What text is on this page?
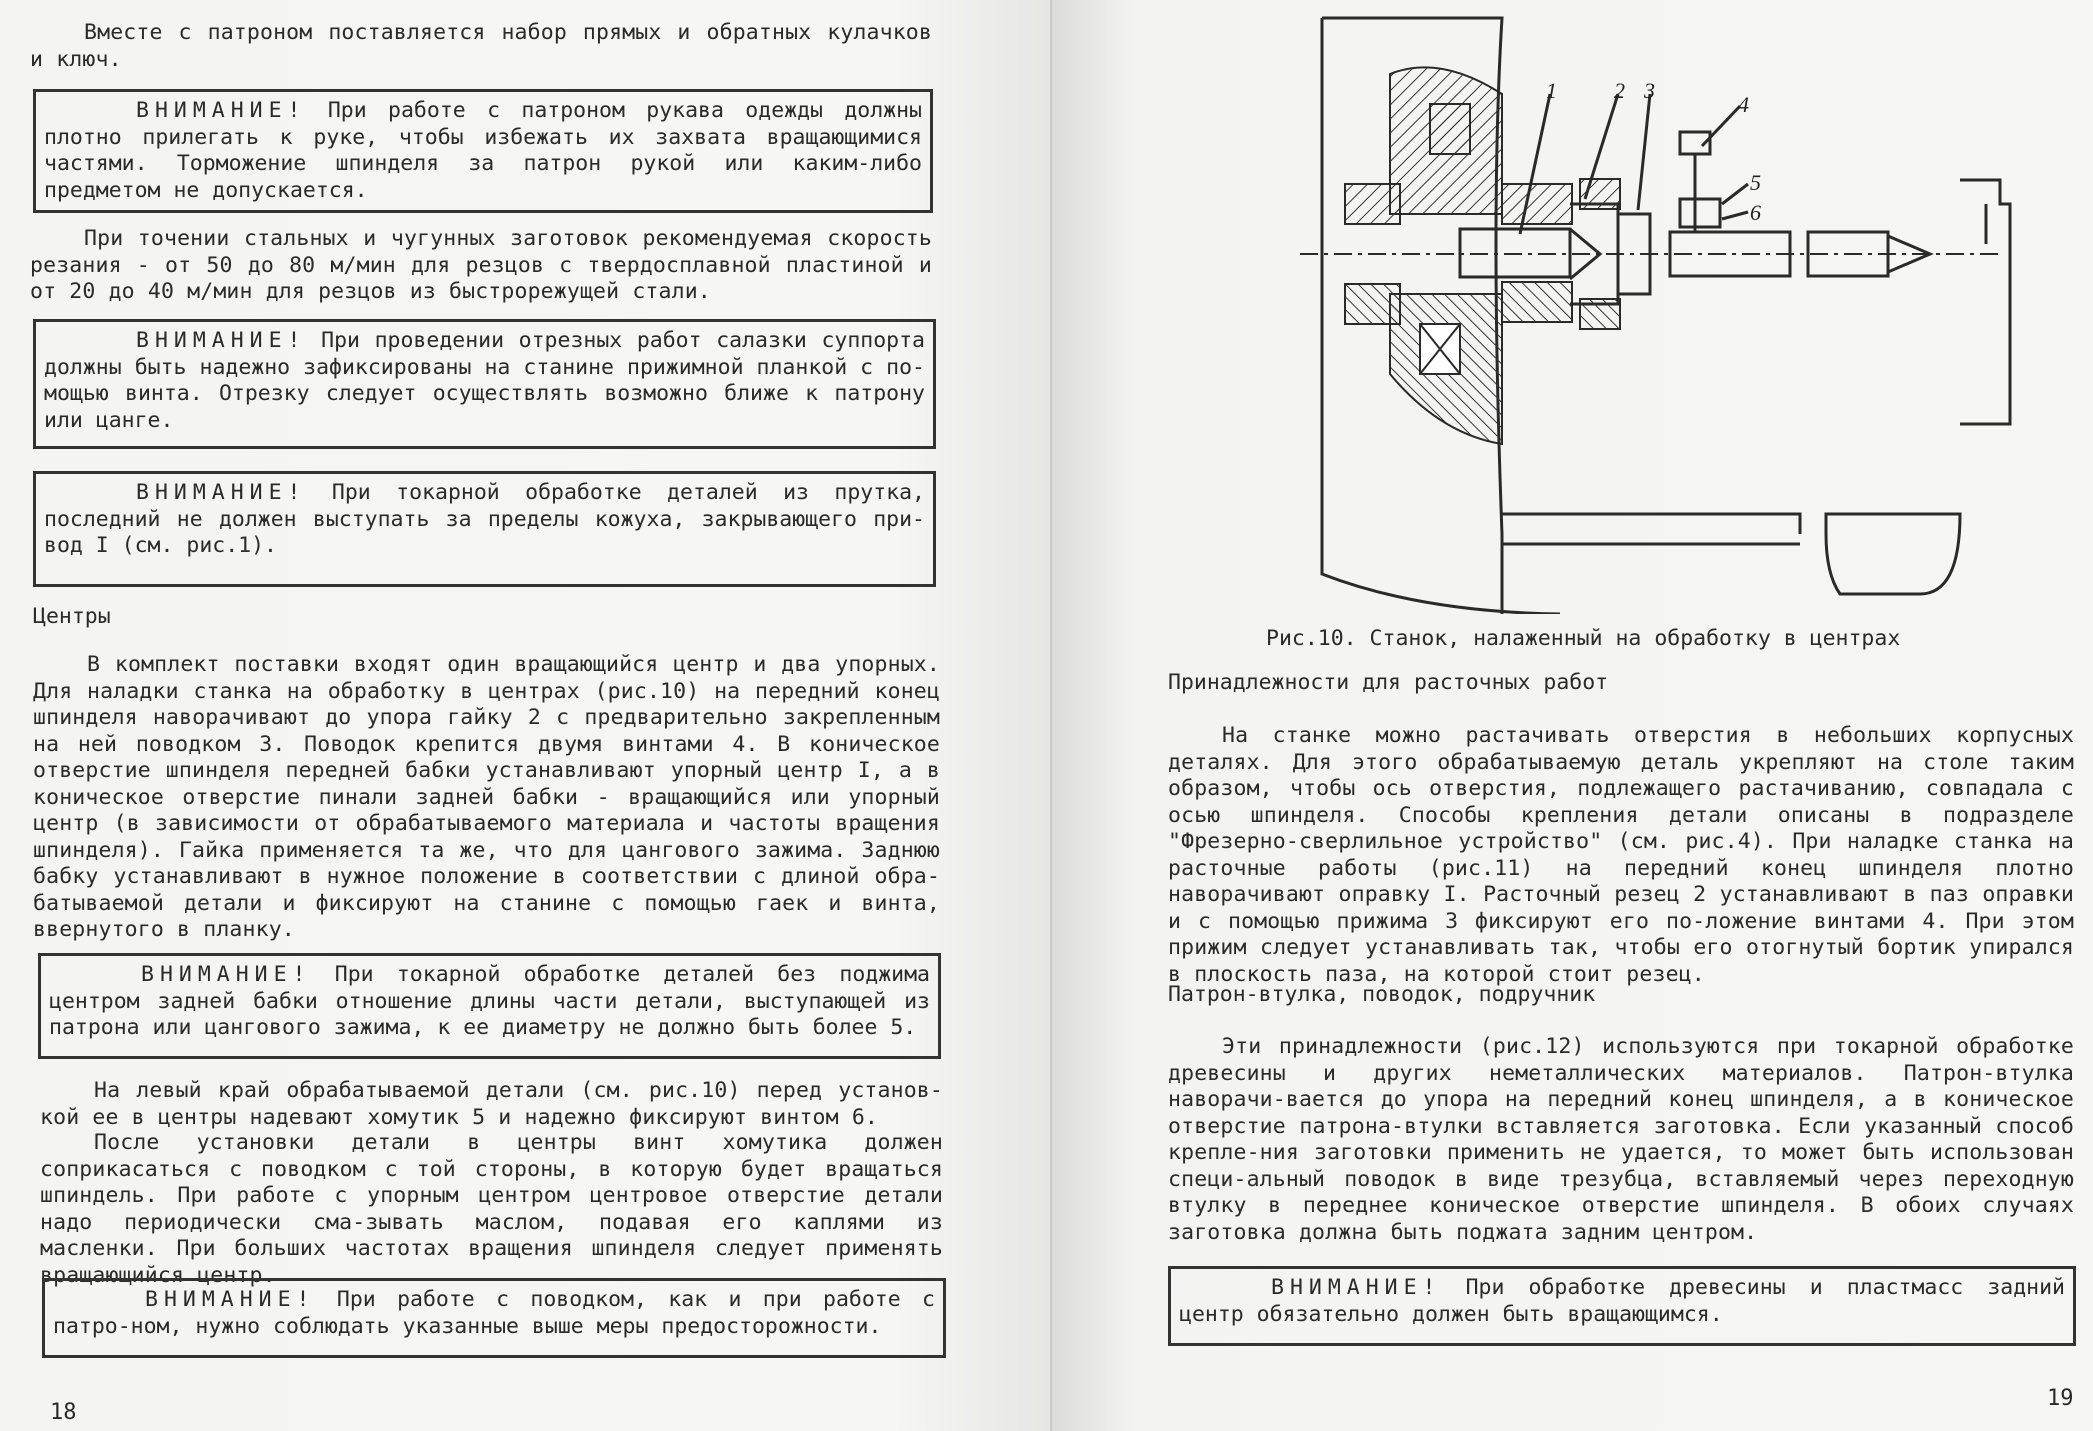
Вместе с патроном поставляется набор прямых и обратных кулачков и ключ.

ВНИМАНИЕ! При работе с патроном рукава одежды должны плотно прилегать к руке, чтобы избежать их захвата вращающимися частями. Торможение шпинделя за патрон рукой или каким-либо предметом не допускается.

При точении стальных и чугунных заготовок рекомендуемая скорость резания - от 50 до 80 м/мин для резцов с твердосплавной пластиной и от 20 до 40 м/мин для резцов из быстрорежущей стали.

ВНИМАНИЕ! При проведении отрезных работ салазки суппорта должны быть надежно зафиксированы на станине прижимной планкой с по-мощью винта. Отрезку следует осуществлять возможно ближе к патрону или цанге.
ВНИМАНИЕ! При токарной обработке деталей из прутка, последний не должен выступать за пределы кожуха, закрывающего при-вод I (см. рис.1).

Центры

В комплект поставки входят один вращающийся центр и два упорных. Для наладки станка на обработку в центрах (рис.10) на передний конец шпинделя наворачивают до упора гайку 2 с предварительно закрепленным на ней поводком 3. Поводок крепится двумя винтами 4. В коническое отверстие шпинделя передней бабки устанавливают упорный центр I, а в коническое отверстие пинали задней бабки - вращающийся или упорный центр (в зависимости от обрабатываемого материала и частоты вращения шпинделя). Гайка применяется та же, что для цангового зажима. Заднюю бабку устанавливают в нужное положение в соответствии с длиной обра-батываемой детали и фиксируют на станине с помощью гаек и винта, ввернутого в планку.

ВНИМАНИЕ! При токарной обработке деталей без поджима центром задней бабки отношение длины части детали, выступающей из патрона или цангового зажима, к ее диаметру не должно быть более 5.

На левый край обрабатываемой детали (см. рис.10) перед установ-кой ее в центры надевают хомутик 5 и надежно фиксируют винтом 6.

После установки детали в центры винт хомутика должен соприкасаться с поводком с той стороны, в которую будет вращаться шпиндель. При работе с упорным центром центровое отверстие детали надо периодически сма-зывать маслом, подавая его каплями из масленки. При больших частотах вращения шпинделя следует применять вращающийся центр.

ВНИМАНИЕ! При работе с поводком, как и при работе с патро-ном, нужно соблюдать указанные выше меры предосторожности.
18
1	2 3
4
5
6
Рис.10. Станок, налаженный на обработку в центрах

Принадлежности для расточных работ

На станке можно растачивать отверстия в небольших корпусных деталях. Для этого обрабатываемую деталь укрепляют на столе таким образом, чтобы ось отверстия, подлежащего растачиванию, совпадала с осью шпинделя. Способы крепления детали описаны в подразделе "Фрезерно-сверлильное устройство" (см. рис.4). При наладке станка на расточные работы (рис.11) на передний конец шпинделя плотно наворачивают оправку I. Расточный резец 2 устанавливают в паз оправки и с помощью прижима 3 фиксируют его по-ложение винтами 4. При этом прижим следует устанавливать так, чтобы его отогнутый бортик упирался в плоскость паза, на которой стоит резец.

Патрон-втулка, поводок, подручник

Эти принадлежности (рис.12) используются при токарной обработке древесины и других неметаллических материалов. Патрон-втулка наворачи-вается до упора на передний конец шпинделя, а в коническое отверстие патрона-втулки вставляется заготовка. Если указанный способ крепле-ния заготовки применить не удается, то может быть использован специ-альный поводок в виде трезубца, вставляемый через переходную втулку в переднее коническое отверстие шпинделя. В обоих случаях заготовка должна быть поджата задним центром.

ВНИМАНИЕ! При обработке древесины и пластмасс задний центр обязательно должен быть вращающимся.
19
